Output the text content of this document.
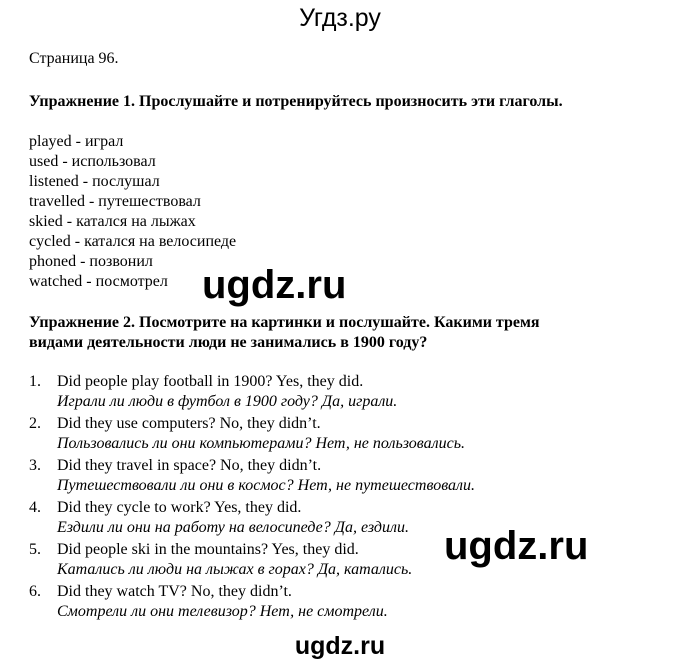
Угдз.ру
Страница 96.
Упражнение 1. Прослушайте и потренируйтесь произносить эти глаголы.
played - играл
used - использовал
listened - послушал
travelled - путешествовал
skied - катался на лыжах
cycled - катался на велосипеде
phoned - позвонил
watched - посмотрел
Упражнение 2. Посмотрите на картинки и послушайте. Какими тремя видами деятельности люди не занимались в 1900 году?
1. Did people play football in 1900? Yes, they did.
Играли ли люди в футбол в 1900 году? Да, играли.
2. Did they use computers? No, they didn’t.
Пользовались ли они компьютерами? Нет, не пользовались.
3. Did they travel in space? No, they didn’t.
Путешествовали ли они в космос? Нет, не путешествовали.
4. Did they cycle to work? Yes, they did.
Ездили ли они на работу на велосипеде? Да, ездили.
5. Did people ski in the mountains? Yes, they did.
Катались ли люди на лыжах в горах? Да, катались.
6. Did they watch TV? No, they didn’t.
Смотрели ли они телевизор? Нет, не смотрели.
ugdz.ru
ugdz.ru
ugdz.ru
